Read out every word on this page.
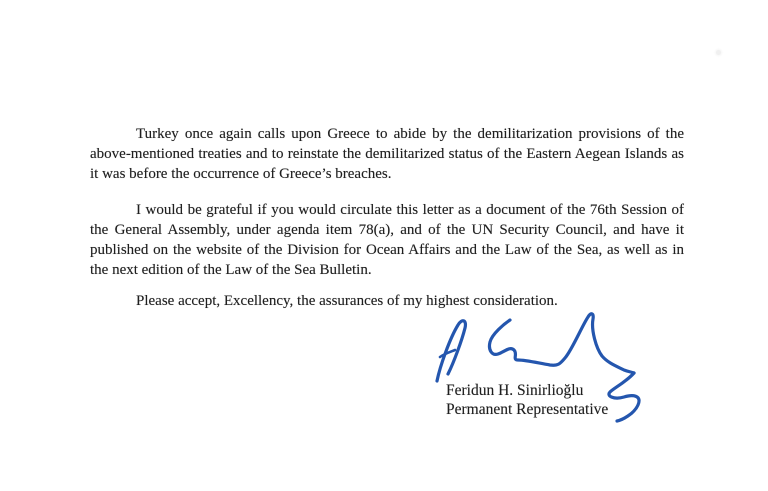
Turkey once again calls upon Greece to abide by the demilitarization provisions of the above-mentioned treaties and to reinstate the demilitarized status of the Eastern Aegean Islands as it was before the occurrence of Greece’s breaches.

I would be grateful if you would circulate this letter as a document of the 76th Session of the General Assembly, under agenda item 78(a), and of the UN Security Council, and have it published on the website of the Division for Ocean Affairs and the Law of the Sea, as well as in the next edition of the Law of the Sea Bulletin.

Please accept, Excellency, the assurances of my highest consideration.

Feridun H. Sinirlioğlu
Permanent Representative
